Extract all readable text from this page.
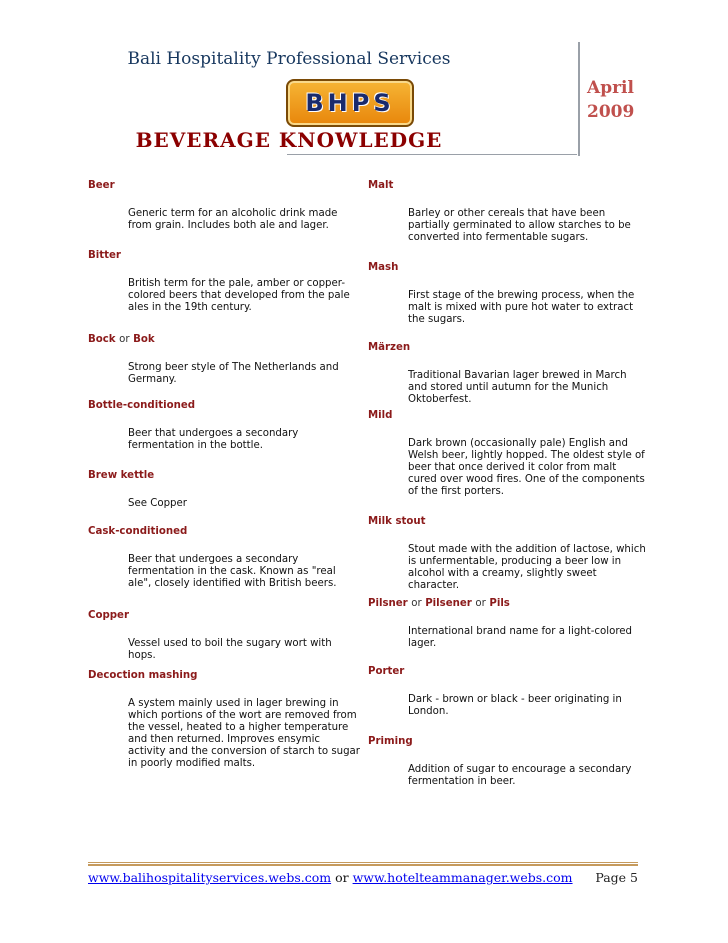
Bali Hospitality Professional Services
BHPS
BEVERAGE KNOWLEDGE
April
2009
Beer
Generic term for an alcoholic drink made from grain. Includes both ale and lager.
Bitter
British term for the pale, amber or copper-colored beers that developed from the pale ales in the 19th century.
Bock or Bok
Strong beer style of The Netherlands and Germany.
Bottle-conditioned
Beer that undergoes a secondary fermentation in the bottle.
Brew kettle
See Copper
Cask-conditioned
Beer that undergoes a secondary fermentation in the cask. Known as "real ale", closely identified with British beers.
Copper
Vessel used to boil the sugary wort with hops.
Decoction mashing
A system mainly used in lager brewing in which portions of the wort are removed from the vessel, heated to a higher temperature and then returned. Improves ensymic activity and the conversion of starch to sugar in poorly modified malts.
Malt
Barley or other cereals that have been partially germinated to allow starches to be converted into fermentable sugars.
Mash
First stage of the brewing process, when the malt is mixed with pure hot water to extract the sugars.
Märzen
Traditional Bavarian lager brewed in March and stored until autumn for the Munich Oktoberfest.
Mild
Dark brown (occasionally pale) English and Welsh beer, lightly hopped. The oldest style of beer that once derived it color from malt cured over wood fires. One of the components of the first porters.
Milk stout
Stout made with the addition of lactose, which is unfermentable, producing a beer low in alcohol with a creamy, slightly sweet character.
Pilsner or Pilsener or Pils
International brand name for a light-colored lager.
Porter
Dark - brown or black - beer originating in London.
Priming
Addition of sugar to encourage a secondary fermentation in beer.
www.balihospitalityservices.webs.com or www.hotelteammanager.webs.com Page 5
